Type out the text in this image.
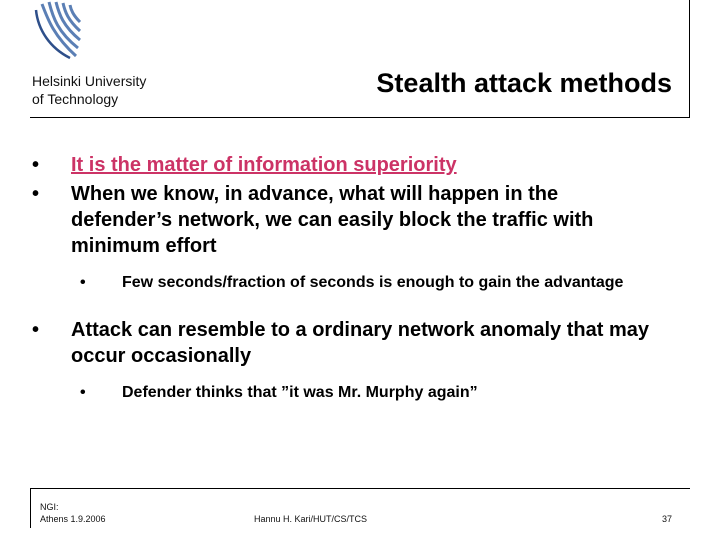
Helsinki University
of Technology
Stealth attack methods
• It is the matter of information superiority
• When we know, in advance, what will happen in the defender’s network, we can easily block the traffic with minimum effort
• Few seconds/fraction of seconds is enough to gain the advantage
• Attack can resemble to a ordinary network anomaly that may occur occasionally
• Defender thinks that ”it was Mr. Murphy again”
NGI:
Athens 1.9.2006	Hannu H. Kari/HUT/CS/TCS	37
